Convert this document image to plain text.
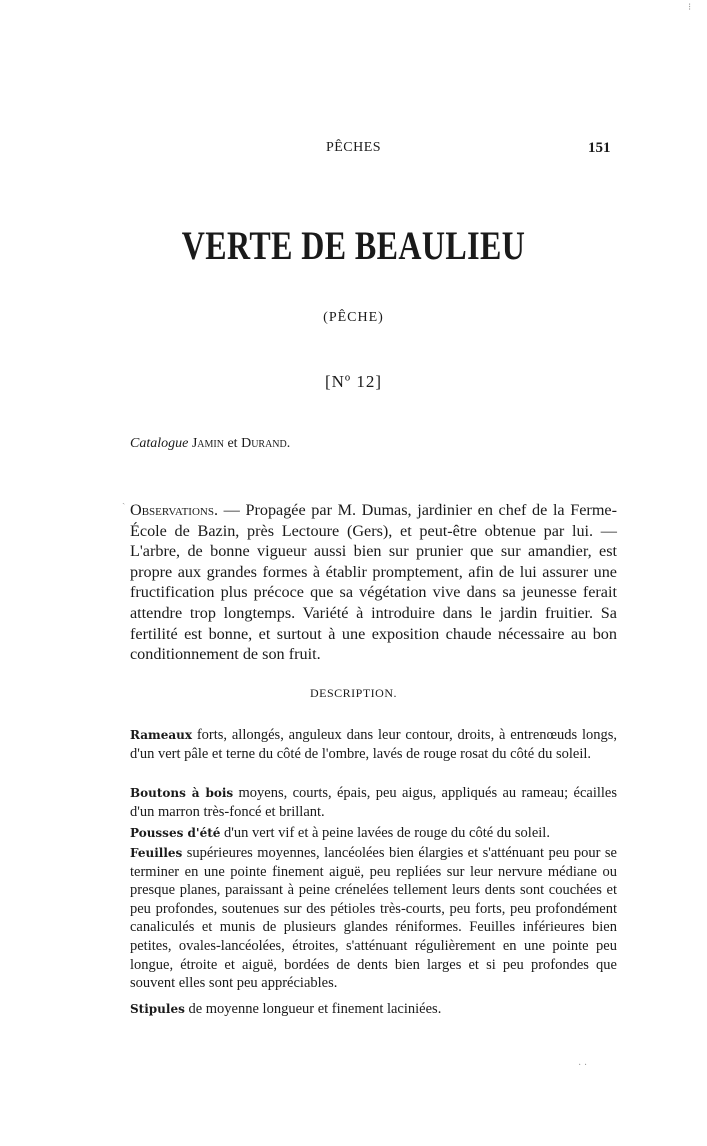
PÊCHES	151
VERTE DE BEAULIEU
(PÊCHE)
[Nº 12]
Catalogue Jamin et Durand.

Observations. — Propagée par M. Dumas, jardinier en chef de la Ferme-École de Bazin, près Lectoure (Gers), et peut-être obtenue par lui. — L'arbre, de bonne vigueur aussi bien sur prunier que sur amandier, est propre aux grandes formes à établir promptement, afin de lui assurer une fructification plus précoce que sa végétation vive dans sa jeunesse ferait attendre trop longtemps. Variété à introduire dans le jardin fruitier. Sa fertilité est bonne, et surtout à une exposition chaude nécessaire au bon conditionnement de son fruit.

DESCRIPTION.

Rameaux forts, allongés, anguleux dans leur contour, droits, à entrenœuds longs, d'un vert pâle et terne du côté de l'ombre, lavés de rouge rosat du côté du soleil.

Boutons à bois moyens, courts, épais, peu aigus, appliqués au rameau; écailles d'un marron très-foncé et brillant.

Pousses d'été d'un vert vif et à peine lavées de rouge du côté du soleil.

Feuilles supérieures moyennes, lancéolées bien élargies et s'atténuant peu pour se terminer en une pointe finement aiguë, peu repliées sur leur nervure médiane ou presque planes, paraissant à peine crénelées tellement leurs dents sont couchées et peu profondes, soutenues sur des pétioles très-courts, peu forts, peu profondément canaliculés et munis de plusieurs glandes réniformes. Feuilles inférieures bien petites, ovales-lancéolées, étroites, s'atténuant régulièrement en une pointe peu longue, étroite et aiguë, bordées de dents bien larges et si peu profondes que souvent elles sont peu appréciables.

Stipules de moyenne longueur et finement laciniées.

⁝
ˎ
· ·
